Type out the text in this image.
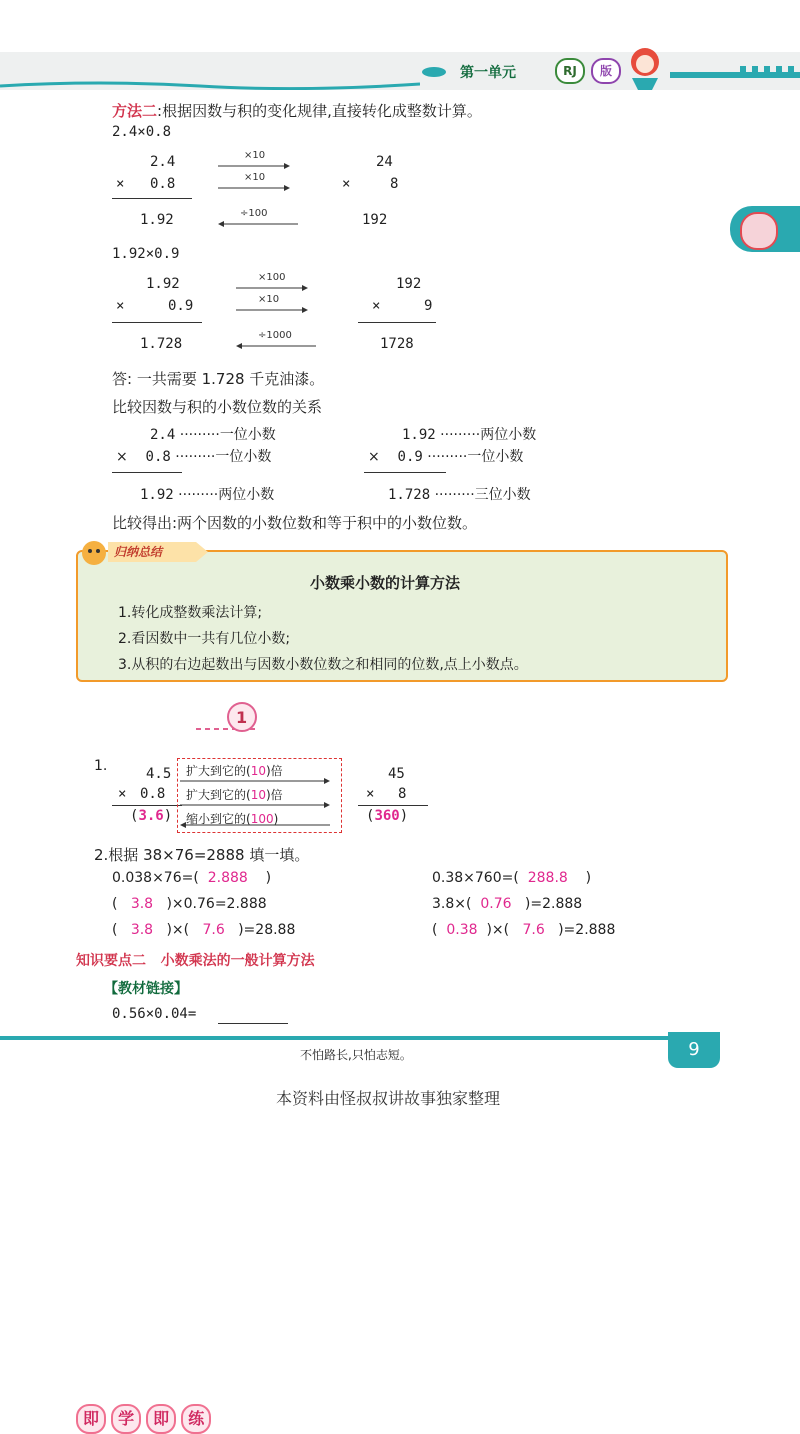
第一单元	RJ	版
方法二:根据因数与积的变化规律,直接转化成整数计算。
2.4×0.8
2.4
× 0.8
1.92
×10
×10
÷100
24
×	8
192
1.92×0.9
1.92
×	0.9
1.728
×100
×10
÷1000
192
×	9
1728
答: 一共需要 1.728 千克油漆。
比较因数与积的小数位数的关系
2.4 ·········一位小数
× 0.8 ·········一位小数
1.92 ·········两位小数
1.92 ·········两位小数
× 0.9 ·········一位小数
1.728 ·········三位小数
比较得出:两个因数的小数位数和等于积中的小数位数。
归纳总结
小数乘小数的计算方法
1.转化成整数乘法计算;
2.看因数中一共有几位小数;
3.从积的右边起数出与因数小数位数之和相同的位数,点上小数点。
即 学 即 练
1
1.	4.5
× 0.8
(3.6)
扩大到它的(10)倍
扩大到它的(10)倍
缩小到它的(100)
45
× 8
(360)
2.根据 38×76=2888 填一填。
0.038×76=( 2.888 )	0.38×760=( 288.8 )
( 3.8 )×0.76=2.888	3.8×( 0.76 )=2.888
( 3.8 )×( 7.6 )=28.88	( 0.38 )×( 7.6 )=2.888
知识要点二 小数乘法的一般计算方法
【教材链接】
0.56×0.04=
不怕路长,只怕志短。	9
本资料由怪叔叔讲故事独家整理
